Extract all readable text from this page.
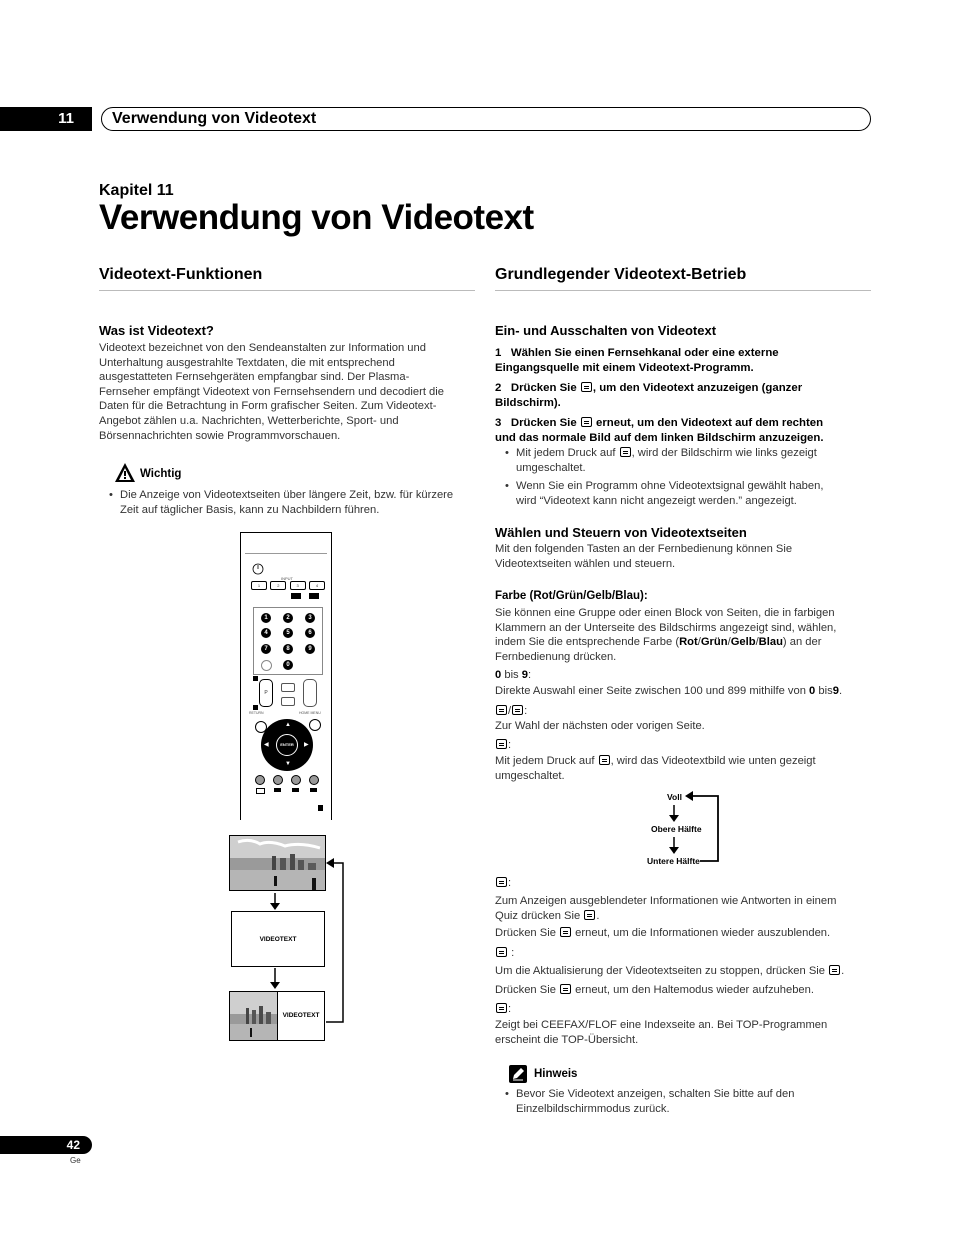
11	Verwendung von Videotext
Kapitel 11
Verwendung von Videotext
Videotext-Funktionen
Was ist Videotext?
Videotext bezeichnet von den Sendeanstalten zur Information und
Unterhaltung ausgestrahlte Textdaten, die mit entsprechend
ausgestatteten Fernsehgeräten empfangbar sind. Der Plasma-
Fernseher empfängt Videotext von Fernsehsendern und decodiert die
Daten für die Betrachtung in Form grafischer Seiten. Zum Videotext-
Angebot zählen u.a. Nachrichten, Wetterberichte, Sport- und
Börsennachrichten sowie Programmvorschauen.
Wichtig
• Die Anzeige von Videotextseiten über längere Zeit, bzw. für kürzere
Zeit auf täglicher Basis, kann zu Nachbildern führen.
INPUT
1	2	3	4
1	2	3
4	5	6
7	8	9
0
P
RETURN	HOME MENU
ENTER
▲
▼
◀	▶
VIDEOTEXT
VIDEOTEXT
Grundlegender Videotext-Betrieb
Ein- und Ausschalten von Videotext
1 Wählen Sie einen Fernsehkanal oder eine externe
Eingangsquelle mit einem Videotext-Programm.
2 Drücken Sie , um den Videotext anzuzeigen (ganzer
Bildschirm).
3 Drücken Sie erneut, um den Videotext auf dem rechten
und das normale Bild auf dem linken Bildschirm anzuzeigen.
• Mit jedem Druck auf , wird der Bildschirm wie links gezeigt
umgeschaltet.
• Wenn Sie ein Programm ohne Videotextsignal gewählt haben,
wird “Videotext kann nicht angezeigt werden.” angezeigt.
Wählen und Steuern von Videotextseiten
Mit den folgenden Tasten an der Fernbedienung können Sie
Videotextseiten wählen und steuern.
Farbe (Rot/Grün/Gelb/Blau):
Sie können eine Gruppe oder einen Block von Seiten, die in farbigen
Klammern an der Unterseite des Bildschirms angezeigt sind, wählen,
indem Sie die entsprechende Farbe (Rot/Grün/Gelb/Blau) an der
Fernbedienung drücken.
0 bis 9:
Direkte Auswahl einer Seite zwischen 100 und 899 mithilfe von 0 bis9.
/ :
Zur Wahl der nächsten oder vorigen Seite.
:
Mit jedem Druck auf , wird das Videotextbild wie unten gezeigt
umgeschaltet.
Voll
Obere Hälfte
Untere Hälfte
:
Zum Anzeigen ausgeblendeter Informationen wie Antworten in einem
Quiz drücken Sie .
Drücken Sie erneut, um die Informationen wieder auszublenden.
:
Um die Aktualisierung der Videotextseiten zu stoppen, drücken Sie .
Drücken Sie erneut, um den Haltemodus wieder aufzuheben.
:
Zeigt bei CEEFAX/FLOF eine Indexseite an. Bei TOP-Programmen
erscheint die TOP-Übersicht.
Hinweis
• Bevor Sie Videotext anzeigen, schalten Sie bitte auf den
Einzelbildschirmmodus zurück.
42
Ge
